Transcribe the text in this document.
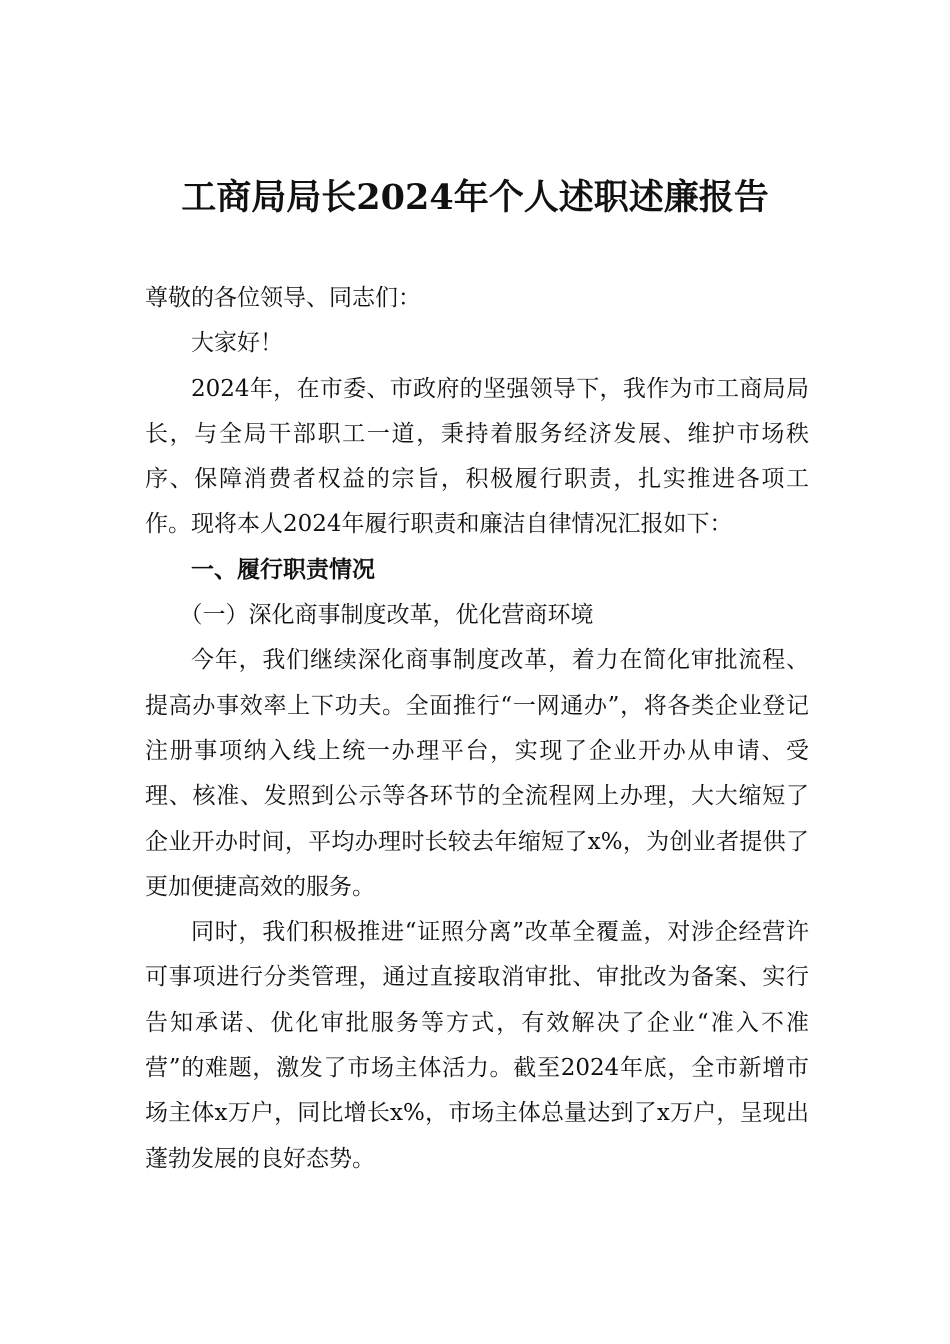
工商局局长2024年个人述职述廉报告

尊敬的各位领导、同志们：

大家好！

2024年，在市委、市政府的坚强领导下，我作为市工商局局长，与全局干部职工一道，秉持着服务经济发展、维护市场秩序、保障消费者权益的宗旨，积极履行职责，扎实推进各项工作。现将本人2024年履行职责和廉洁自律情况汇报如下：

一、履行职责情况

（一）深化商事制度改革，优化营商环境

今年，我们继续深化商事制度改革，着力在简化审批流程、提高办事效率上下功夫。全面推行“一网通办”，将各类企业登记注册事项纳入线上统一办理平台，实现了企业开办从申请、受理、核准、发照到公示等各环节的全流程网上办理，大大缩短了企业开办时间，平均办理时长较去年缩短了x%，为创业者提供了更加便捷高效的服务。

同时，我们积极推进“证照分离”改革全覆盖，对涉企经营许可事项进行分类管理，通过直接取消审批、审批改为备案、实行告知承诺、优化审批服务等方式，有效解决了企业“准入不准营”的难题，激发了市场主体活力。截至2024年底，全市新增市场主体x万户，同比增长x%，市场主体总量达到了x万户，呈现出蓬勃发展的良好态势。
